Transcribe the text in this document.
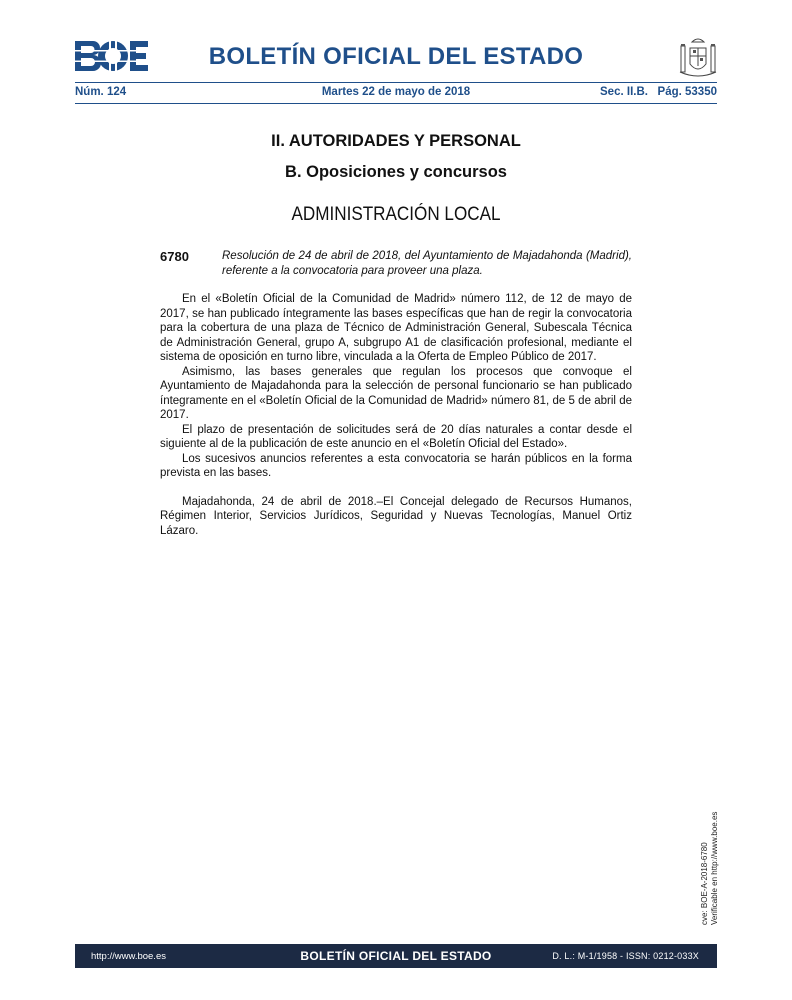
BOLETÍN OFICIAL DEL ESTADO
Núm. 124	Martes 22 de mayo de 2018	Sec. II.B.   Pág. 53350
II. AUTORIDADES Y PERSONAL
B. Oposiciones y concursos
ADMINISTRACIÓN LOCAL
6780	Resolución de 24 de abril de 2018, del Ayuntamiento de Majadahonda (Madrid), referente a la convocatoria para proveer una plaza.

En el «Boletín Oficial de la Comunidad de Madrid» número 112, de 12 de mayo de 2017, se han publicado íntegramente las bases específicas que han de regir la convocatoria para la cobertura de una plaza de Técnico de Administración General, Subescala Técnica de Administración General, grupo A, subgrupo A1 de clasificación profesional, mediante el sistema de oposición en turno libre, vinculada a la Oferta de Empleo Público de 2017.

Asimismo, las bases generales que regulan los procesos que convoque el Ayuntamiento de Majadahonda para la selección de personal funcionario se han publicado íntegramente en el «Boletín Oficial de la Comunidad de Madrid» número 81, de 5 de abril de 2017.

El plazo de presentación de solicitudes será de 20 días naturales a contar desde el siguiente al de la publicación de este anuncio en el «Boletín Oficial del Estado».

Los sucesivos anuncios referentes a esta convocatoria se harán públicos en la forma prevista en las bases.

Majadahonda, 24 de abril de 2018.–El Concejal delegado de Recursos Humanos, Régimen Interior, Servicios Jurídicos, Seguridad y Nuevas Tecnologías, Manuel Ortiz Lázaro.

cve: BOE-A-2018-6780 Verificable en http://www.boe.es
http://www.boe.es	BOLETÍN OFICIAL DEL ESTADO	D. L.: M-1/1958 - ISSN: 0212-033X
